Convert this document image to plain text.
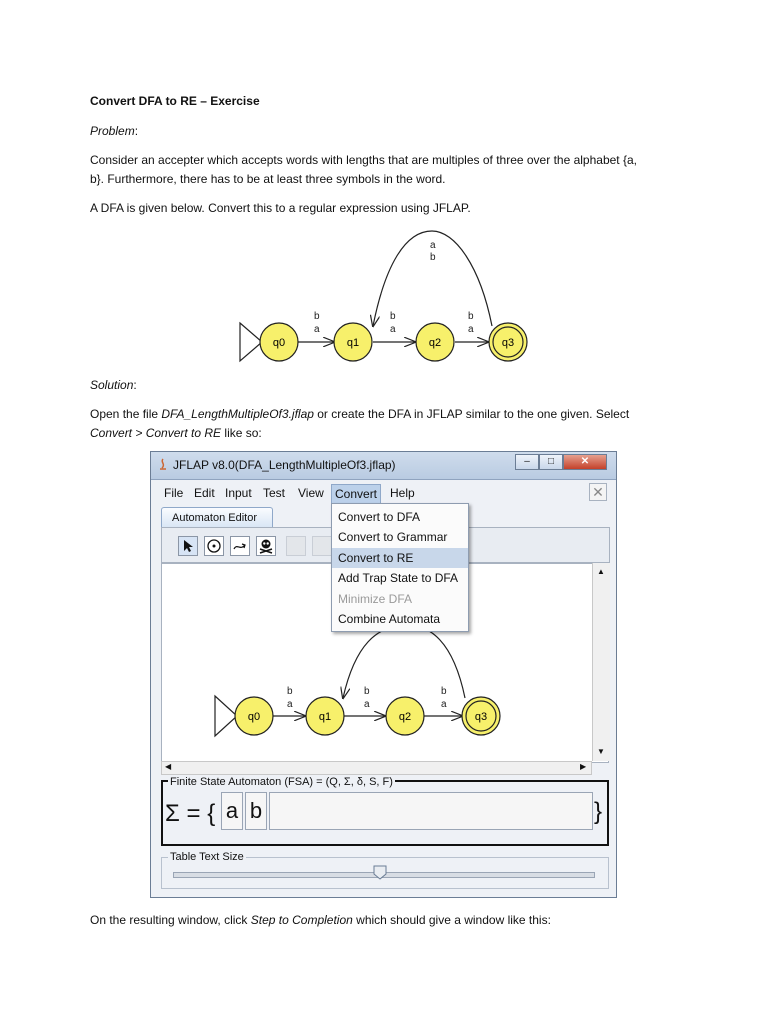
Convert DFA to RE – Exercise
Problem:
Consider an accepter which accepts words with lengths that are multiples of three over the alphabet {a,
b}. Furthermore, there has to be at least three symbols in the word.
A DFA is given below. Convert this to a regular expression using JFLAP.
a
b
b
a
b
a
b
a
q0	q1	q2	q3
Solution:
Open the file DFA_LengthMultipleOf3.jflap or create the DFA in JFLAP similar to the one given. Select
Convert > Convert to RE like so:
JFLAP v8.0(DFA_LengthMultipleOf3.jflap)	–	□	✕
File Edit Input Test View Convert	Help	✕
Automaton Editor
b
a
b
a
b
a
q0	q1	q2	q3
▲
▼
◀	▶
Convert to DFA
Convert to Grammar
Convert to RE
Add Trap State to DFA
Minimize DFA
Combine Automata
Finite State Automaton (FSA) = (Q, Σ, δ, S, F)
Σ = { a b	}
Table Text Size
On the resulting window, click Step to Completion which should give a window like this:
